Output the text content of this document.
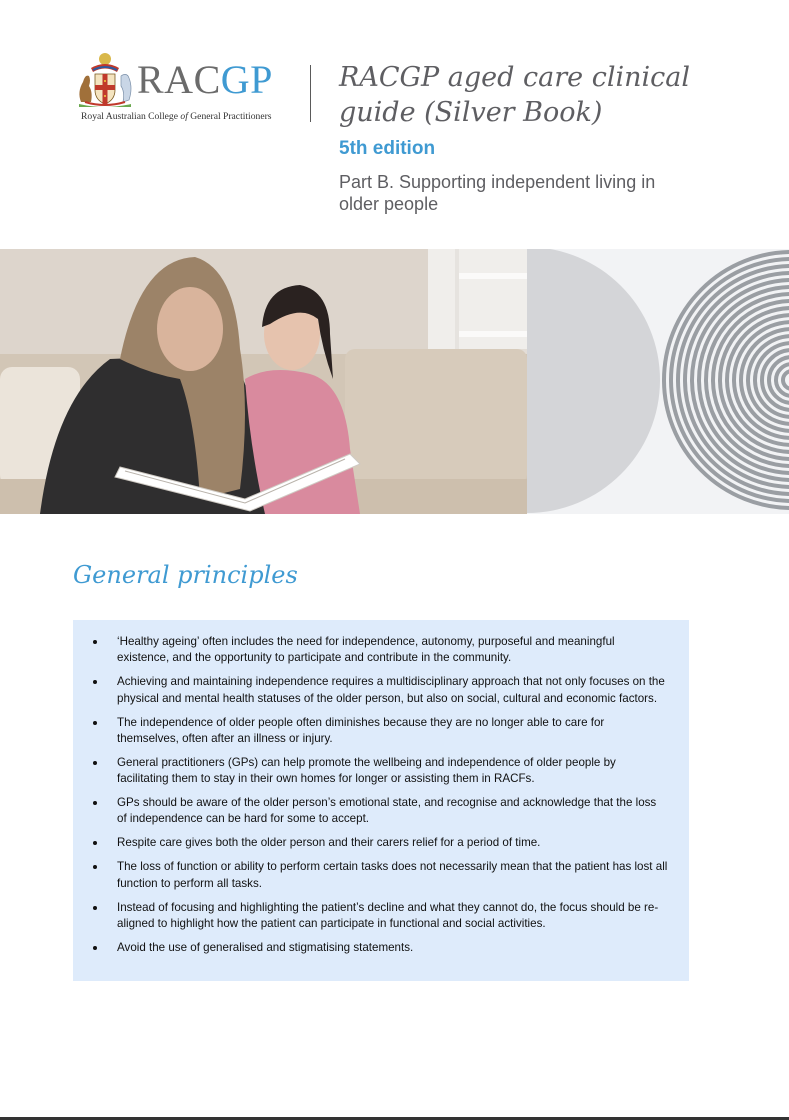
RACGP
Royal Australian College of General Practitioners
RACGP aged care clinical guide (Silver Book)
5th edition
Part B. Supporting independent living in older people
General principles
‘Healthy ageing’ often includes the need for independence, autonomy, purposeful and meaningful existence, and the opportunity to participate and contribute in the community.
Achieving and maintaining independence requires a multidisciplinary approach that not only focuses on the physical and mental health statuses of the older person, but also on social, cultural and economic factors.
The independence of older people often diminishes because they are no longer able to care for themselves, often after an illness or injury.
General practitioners (GPs) can help promote the wellbeing and independence of older people by facilitating them to stay in their own homes for longer or assisting them in RACFs.
GPs should be aware of the older person’s emotional state, and recognise and acknowledge that the loss of independence can be hard for some to accept.
Respite care gives both the older person and their carers relief for a period of time.
The loss of function or ability to perform certain tasks does not necessarily mean that the patient has lost all function to perform all tasks.
Instead of focusing and highlighting the patient’s decline and what they cannot do, the focus should be re-aligned to highlight how the patient can participate in functional and social activities.
Avoid the use of generalised and stigmatising statements.
